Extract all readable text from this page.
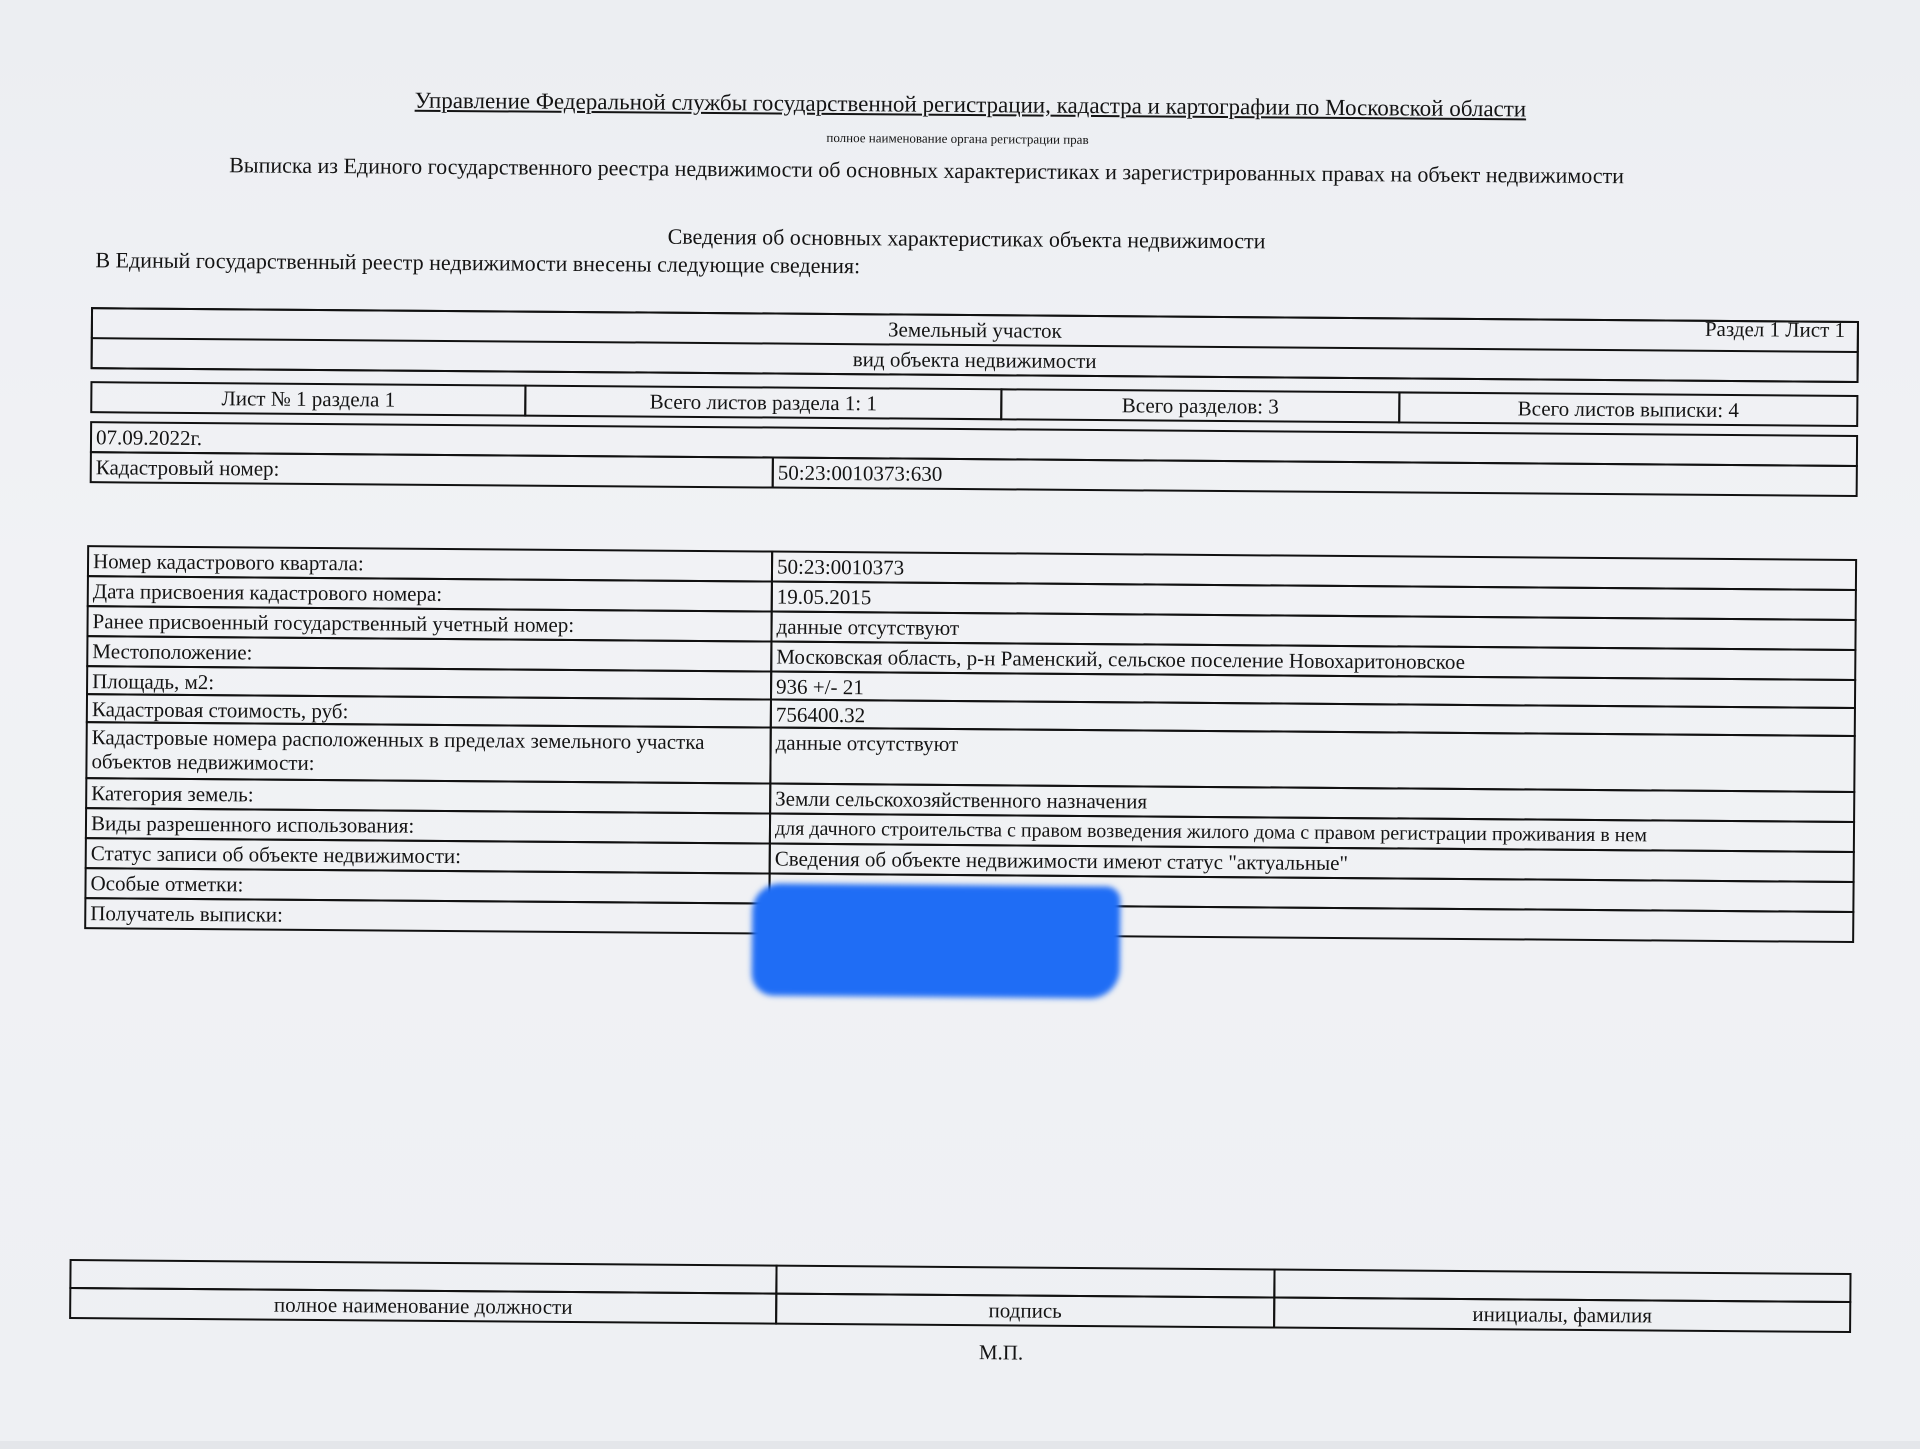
Управление Федеральной службы государственной регистрации, кадастра и картографии по Московской области
полное наименование органа регистрации прав
Выписка из Единого государственного реестра недвижимости об основных характеристиках и зарегистрированных правах на объект недвижимости
Сведения об основных характеристиках объекта недвижимости
В Единый государственный реестр недвижимости внесены следующие сведения:
Раздел 1 Лист 1
Земельный участок
вид объекта недвижимости
Лист № 1 раздела 1	Всего листов раздела 1: 1	Всего разделов: 3	Всего листов выписки: 4
07.09.2022г.
Кадастровый номер:	50:23:0010373:630
Номер кадастрового квартала:	50:23:0010373
Дата присвоения кадастрового номера:	19.05.2015
Ранее присвоенный государственный учетный номер:	данные отсутствуют
Местоположение:	Московская область, р-н Раменский, сельское поселение Новохаритоновское
Площадь, м2:	936 +/- 21
Кадастровая стоимость, руб:	756400.32
Кадастровые номера расположенных в пределах земельного участка объектов недвижимости:
данные отсутствуют
Категория земель:	Земли сельскохозяйственного назначения
Виды разрешенного использования:	для дачного строительства с правом возведения жилого дома с правом регистрации проживания в нем
Статус записи об объекте недвижимости:	Сведения об объекте недвижимости имеют статус "актуальные"
Особые отметки:
Получатель выписки:
полное наименование должности	подпись	инициалы, фамилия
М.П.
